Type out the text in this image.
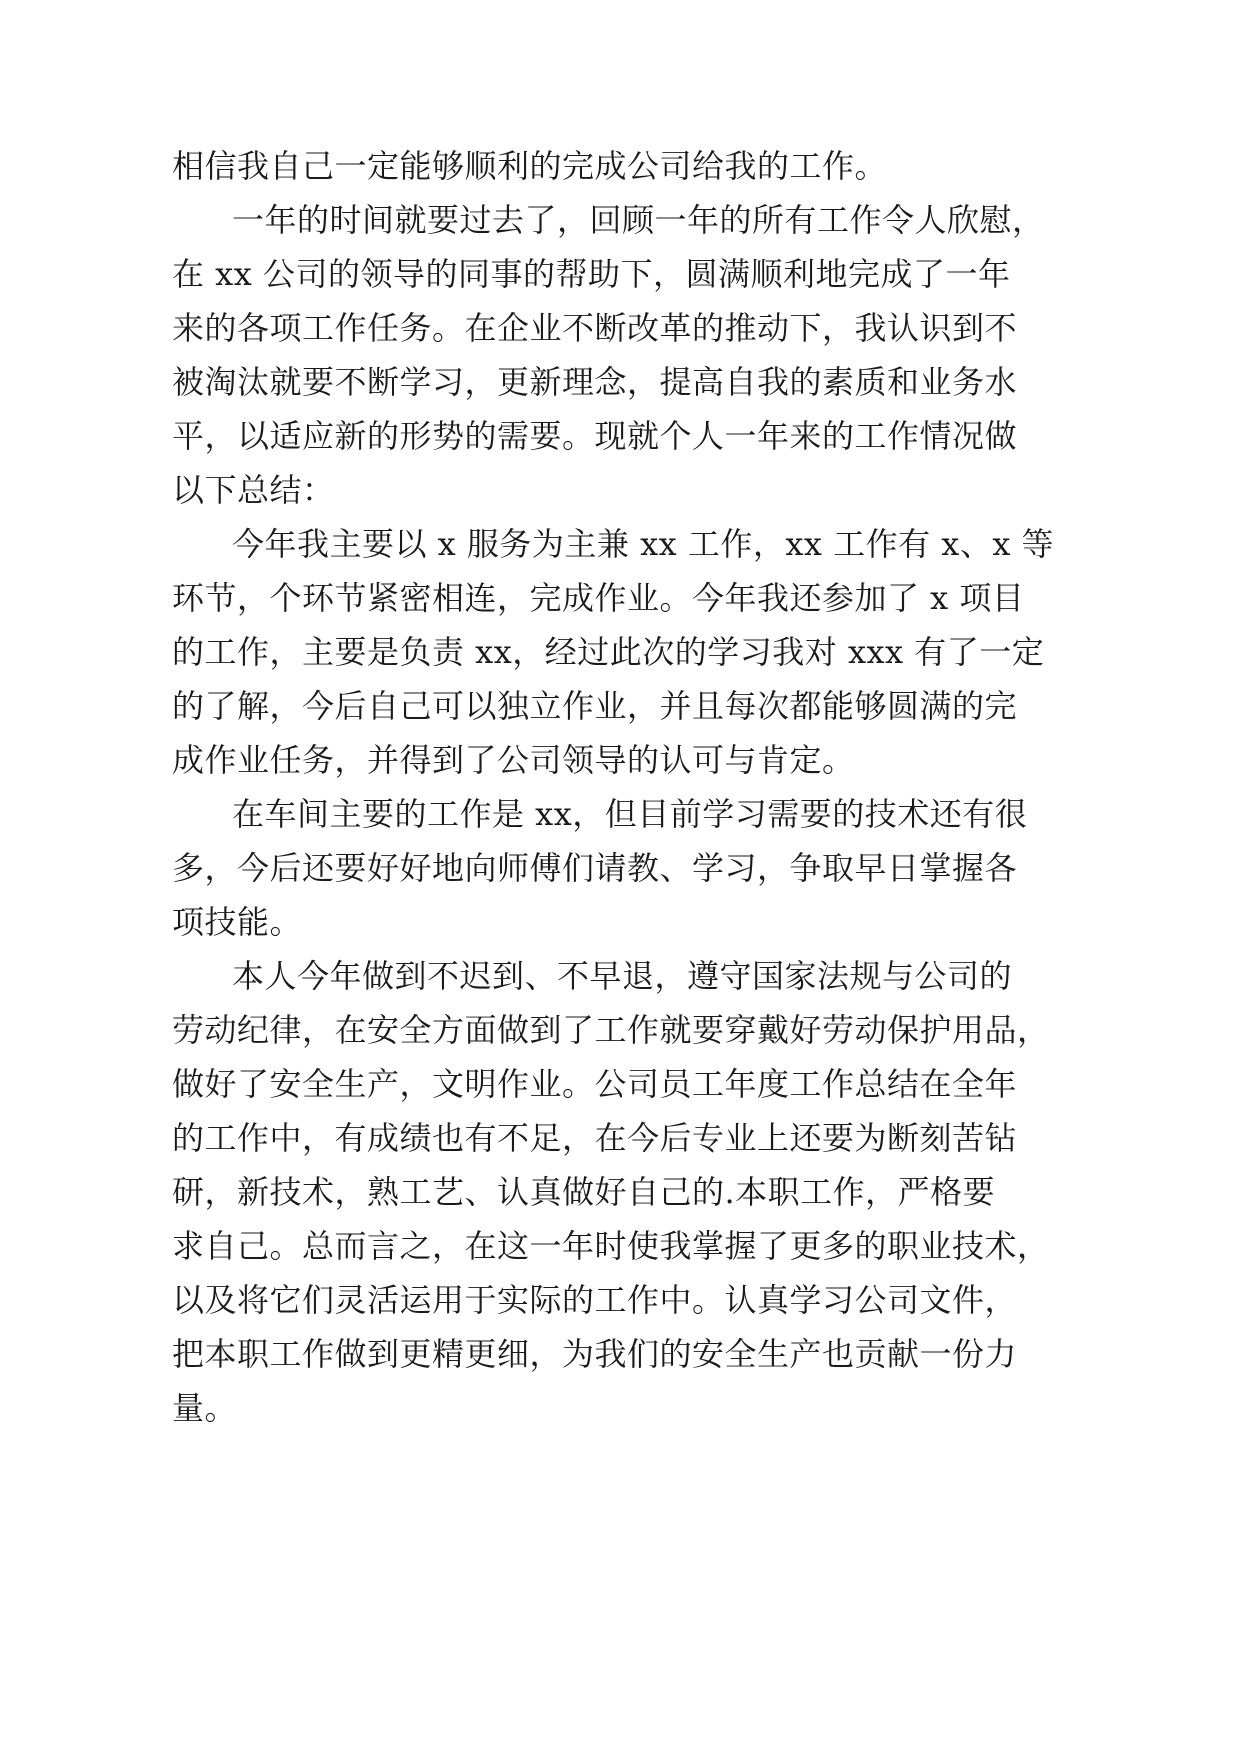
相信我自己一定能够顺利的完成公司给我的工作。
一年的时间就要过去了，回顾一年的所有工作令人欣慰，
在 xx 公司的领导的同事的帮助下，圆满顺利地完成了一年
来的各项工作任务。在企业不断改革的推动下，我认识到不
被淘汰就要不断学习，更新理念，提高自我的素质和业务水
平，以适应新的形势的需要。现就个人一年来的工作情况做
以下总结：
今年我主要以 x 服务为主兼 xx 工作，xx 工作有 x、x 等
环节，个环节紧密相连，完成作业。今年我还参加了 x 项目
的工作，主要是负责 xx，经过此次的学习我对 xxx 有了一定
的了解，今后自己可以独立作业，并且每次都能够圆满的完
成作业任务，并得到了公司领导的认可与肯定。
在车间主要的工作是 xx，但目前学习需要的技术还有很
多，今后还要好好地向师傅们请教、学习，争取早日掌握各
项技能。
本人今年做到不迟到、不早退，遵守国家法规与公司的
劳动纪律，在安全方面做到了工作就要穿戴好劳动保护用品，
做好了安全生产，文明作业。公司员工年度工作总结在全年
的工作中，有成绩也有不足，在今后专业上还要为断刻苦钻
研，新技术，熟工艺、认真做好自己的.本职工作，严格要
求自己。总而言之，在这一年时使我掌握了更多的职业技术，
以及将它们灵活运用于实际的工作中。认真学习公司文件，
把本职工作做到更精更细，为我们的安全生产也贡献一份力
量。
